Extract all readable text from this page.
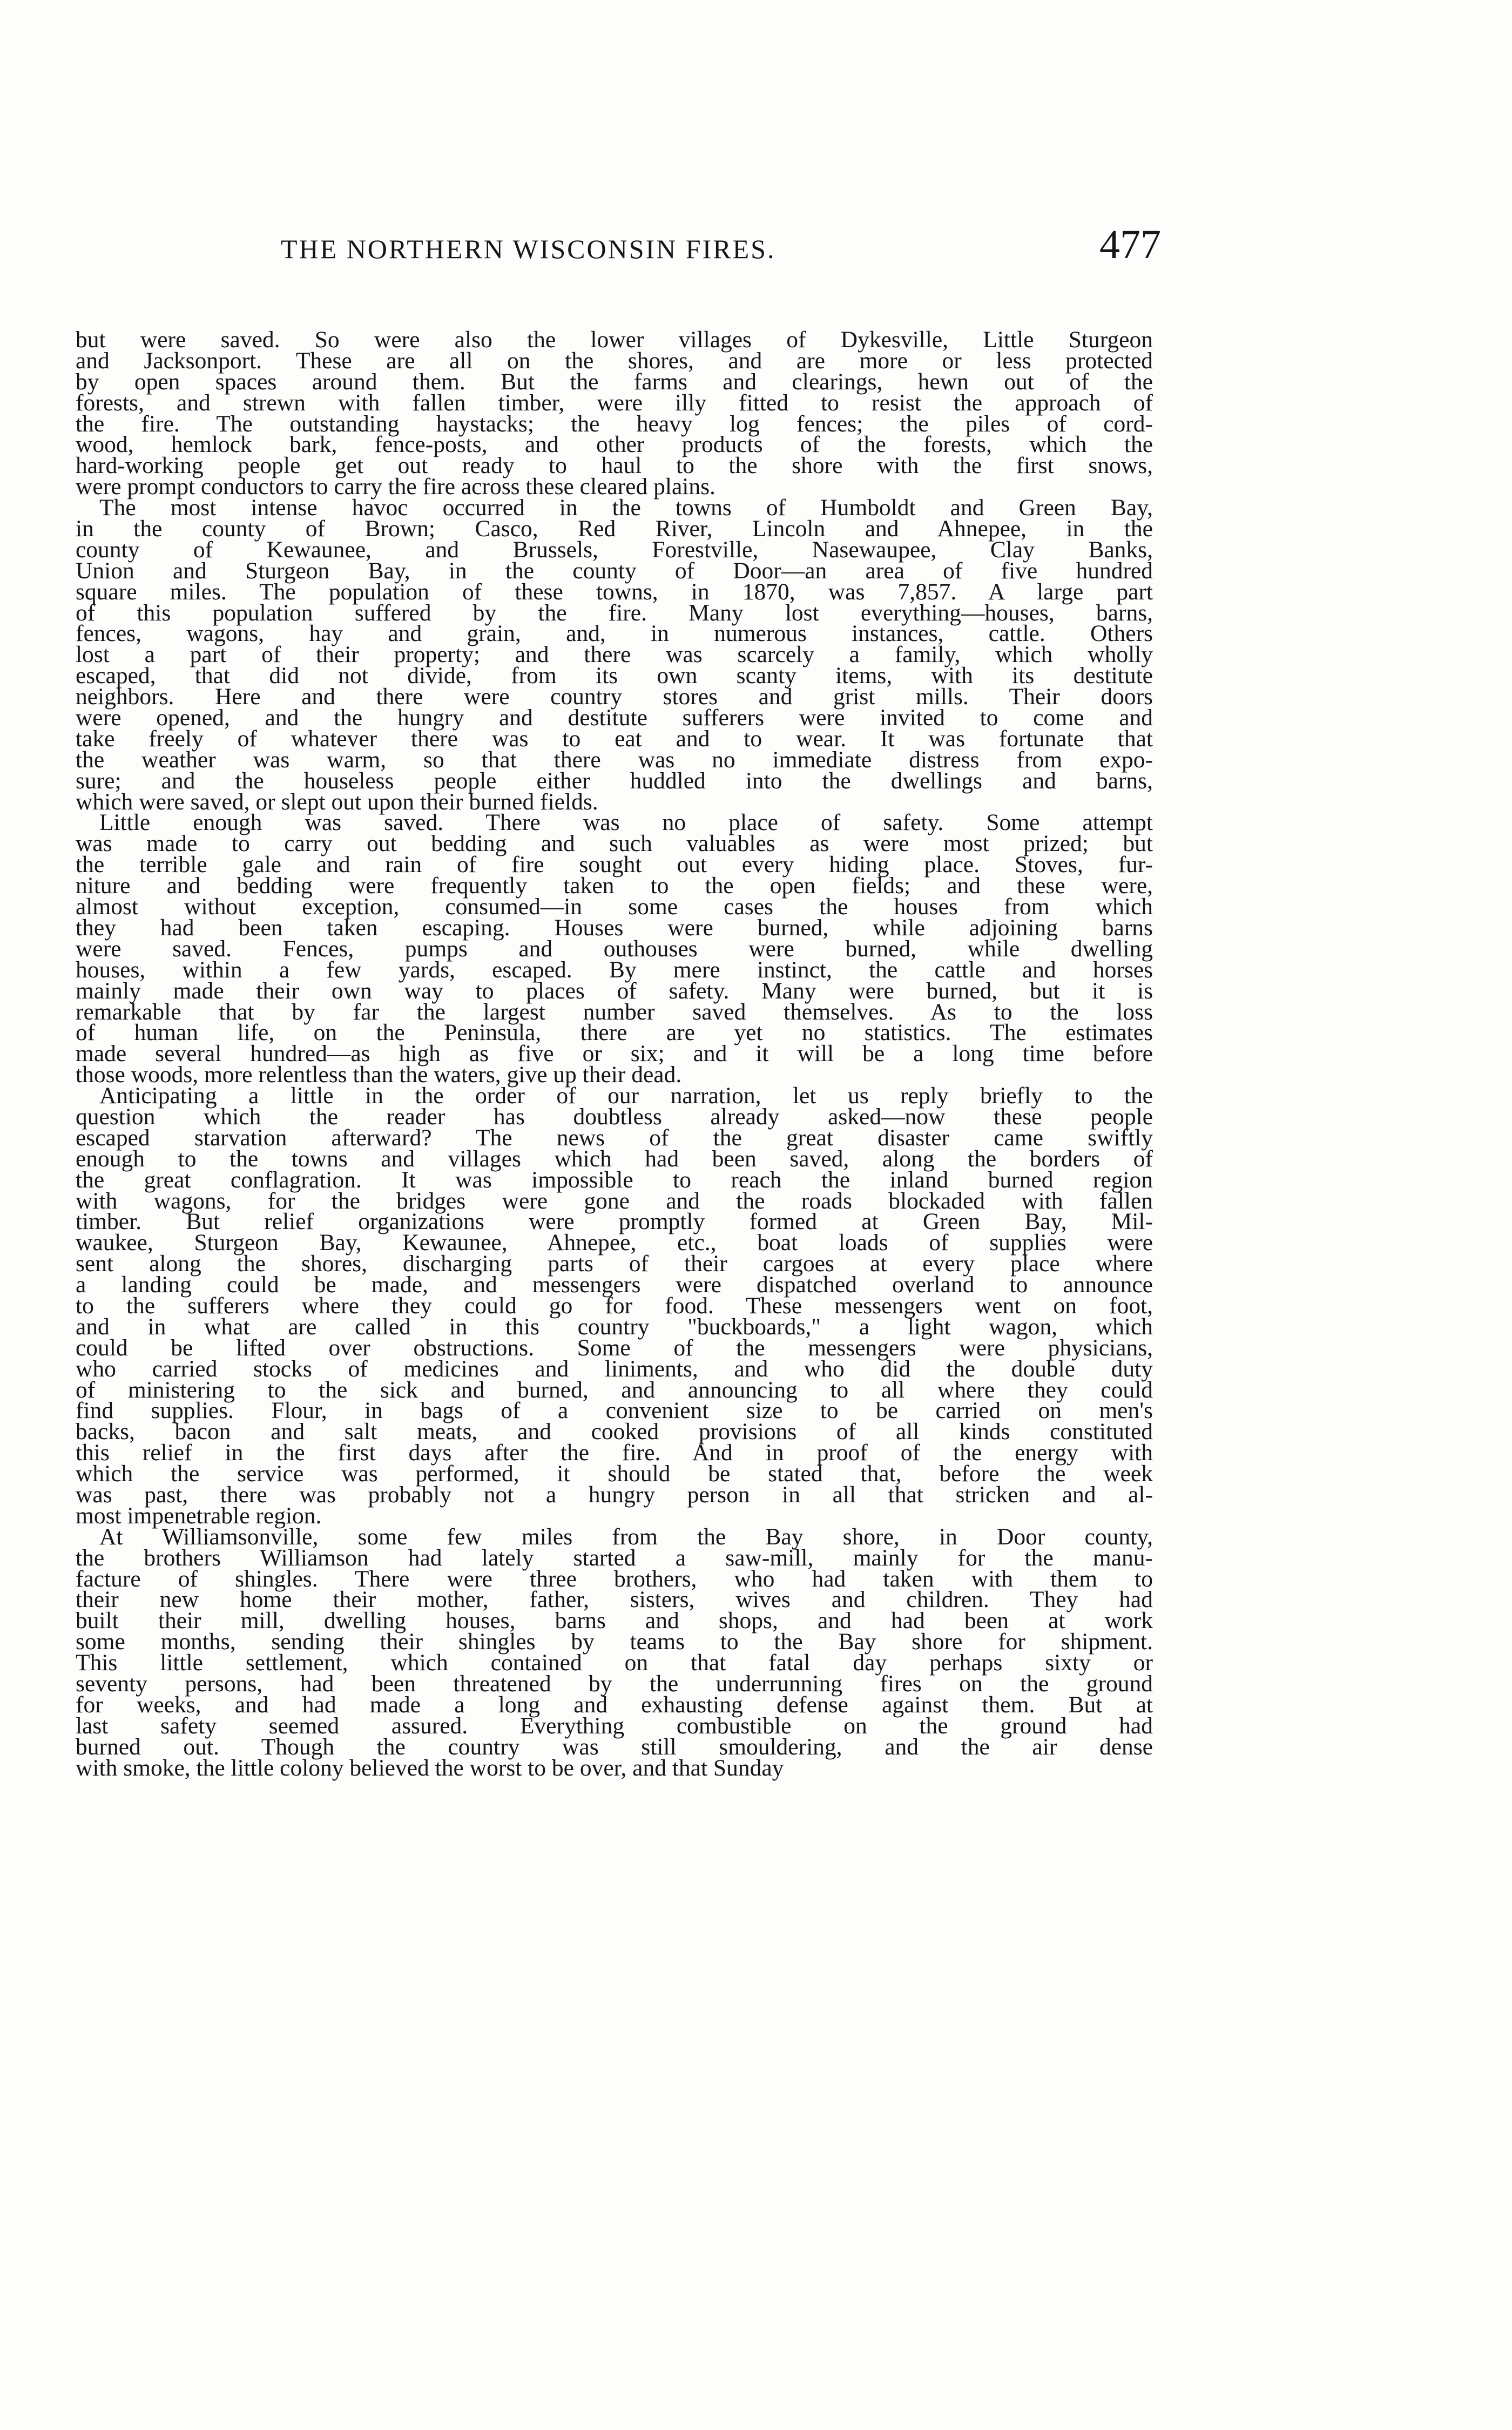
THE NORTHERN WISCONSIN FIRES.	477
but were saved. So were also the lower villages of Dykesville, Little Sturgeon
and Jacksonport. These are all on the shores, and are more or less protected
by open spaces around them. But the farms and clearings, hewn out of the
forests, and strewn with fallen timber, were illy fitted to resist the approach of
the fire. The outstanding haystacks; the heavy log fences; the piles of cord-
wood, hemlock bark, fence-posts, and other products of the forests, which the
hard-working people get out ready to haul to the shore with the first snows,
were prompt conductors to carry the fire across these cleared plains.
The most intense havoc occurred in the towns of Humboldt and Green Bay,
in the county of Brown; Casco, Red River, Lincoln and Ahnepee, in the
county of Kewaunee, and Brussels, Forestville, Nasewaupee, Clay Banks,
Union and Sturgeon Bay, in the county of Door—an area of five hundred
square miles. The population of these towns, in 1870, was 7,857. A large part
of this population suffered by the fire. Many lost everything—houses, barns,
fences, wagons, hay and grain, and, in numerous instances, cattle. Others
lost a part of their property; and there was scarcely a family, which wholly
escaped, that did not divide, from its own scanty items, with its destitute
neighbors. Here and there were country stores and grist mills. Their doors
were opened, and the hungry and destitute sufferers were invited to come and
take freely of whatever there was to eat and to wear. It was fortunate that
the weather was warm, so that there was no immediate distress from expo-
sure; and the houseless people either huddled into the dwellings and barns,
which were saved, or slept out upon their burned fields.
Little enough was saved. There was no place of safety. Some attempt
was made to carry out bedding and such valuables as were most prized; but
the terrible gale and rain of fire sought out every hiding place. Stoves, fur-
niture and bedding were frequently taken to the open fields; and these were,
almost without exception, consumed—in some cases the houses from which
they had been taken escaping. Houses were burned, while adjoining barns
were saved. Fences, pumps and outhouses were burned, while dwelling
houses, within a few yards, escaped. By mere instinct, the cattle and horses
mainly made their own way to places of safety. Many were burned, but it is
remarkable that by far the largest number saved themselves. As to the loss
of human life, on the Peninsula, there are yet no statistics. The estimates
made several hundred—as high as five or six; and it will be a long time before
those woods, more relentless than the waters, give up their dead.
Anticipating a little in the order of our narration, let us reply briefly to the
question which the reader has doubtless already asked—now these people
escaped starvation afterward? The news of the great disaster came swiftly
enough to the towns and villages which had been saved, along the borders of
the great conflagration. It was impossible to reach the inland burned region
with wagons, for the bridges were gone and the roads blockaded with fallen
timber. But relief organizations were promptly formed at Green Bay, Mil-
waukee, Sturgeon Bay, Kewaunee, Ahnepee, etc., boat loads of supplies were
sent along the shores, discharging parts of their cargoes at every place where
a landing could be made, and messengers were dispatched overland to announce
to the sufferers where they could go for food. These messengers went on foot,
and in what are called in this country "buckboards," a light wagon, which
could be lifted over obstructions. Some of the messengers were physicians,
who carried stocks of medicines and liniments, and who did the double duty
of ministering to the sick and burned, and announcing to all where they could
find supplies. Flour, in bags of a convenient size to be carried on men's
backs, bacon and salt meats, and cooked provisions of all kinds constituted
this relief in the first days after the fire. And in proof of the energy with
which the service was performed, it should be stated that, before the week
was past, there was probably not a hungry person in all that stricken and al-
most impenetrable region.
At Williamsonville, some few miles from the Bay shore, in Door county,
the brothers Williamson had lately started a saw-mill, mainly for the manu-
facture of shingles. There were three brothers, who had taken with them to
their new home their mother, father, sisters, wives and children. They had
built their mill, dwelling houses, barns and shops, and had been at work
some months, sending their shingles by teams to the Bay shore for shipment.
This little settlement, which contained on that fatal day perhaps sixty or
seventy persons, had been threatened by the underrunning fires on the ground
for weeks, and had made a long and exhausting defense against them. But at
last safety seemed assured. Everything combustible on the ground had
burned out. Though the country was still smouldering, and the air dense
with smoke, the little colony believed the worst to be over, and that Sunday
